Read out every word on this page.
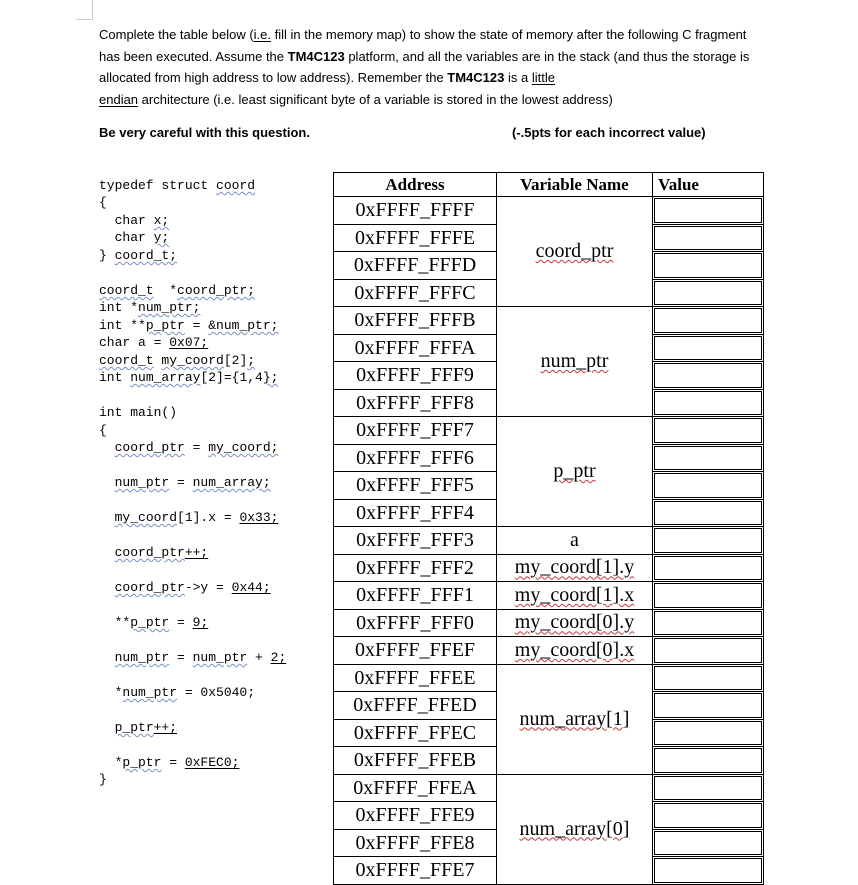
Complete the table below (i.e. fill in the memory map) to show the state of memory after the following C fragment has been executed. Assume the TM4C123 platform, and all the variables are in the stack (and thus the storage is allocated from high address to low address). Remember the TM4C123 is a little
endian architecture (i.e. least significant byte of a variable is stored in the lowest address)
Be very careful with this question.	(-.5pts for each incorrect value)
typedef struct coord
{
char x;
char y;
} coord_t;
coord_t  *coord_ptr;
int *num_ptr;
int **p_ptr = &num_ptr;
char a = 0x07;
coord_t my_coord[2];
int num_array[2]={1,4};
int main()
{
coord_ptr = my_coord;
num_ptr = num_array;
my_coord[1].x = 0x33;
coord_ptr++;
coord_ptr->y = 0x44;
**p_ptr = 9;
num_ptr = num_ptr + 2;
*num_ptr = 0x5040;
p_ptr++;
*p_ptr = 0xFEC0;
}
Address	Variable Name	Value
0xFFFF_FFFF	coord_ptr	

0xFFFF_FFFE		

0xFFFF_FFFD		

0xFFFF_FFFC		

0xFFFF_FFFB	num_ptr	

0xFFFF_FFFA		

0xFFFF_FFF9		

0xFFFF_FFF8		

0xFFFF_FFF7	p_ptr	

0xFFFF_FFF6		

0xFFFF_FFF5		

0xFFFF_FFF4		

0xFFFF_FFF3	a	

0xFFFF_FFF2	my_coord[1].y	

0xFFFF_FFF1	my_coord[1].x	

0xFFFF_FFF0	my_coord[0].y	

0xFFFF_FFEF	my_coord[0].x	

0xFFFF_FFEE	num_array[1]	

0xFFFF_FFED		

0xFFFF_FFEC		

0xFFFF_FFEB		

0xFFFF_FFEA	num_array[0]	

0xFFFF_FFE9		

0xFFFF_FFE8		

0xFFFF_FFE7		
